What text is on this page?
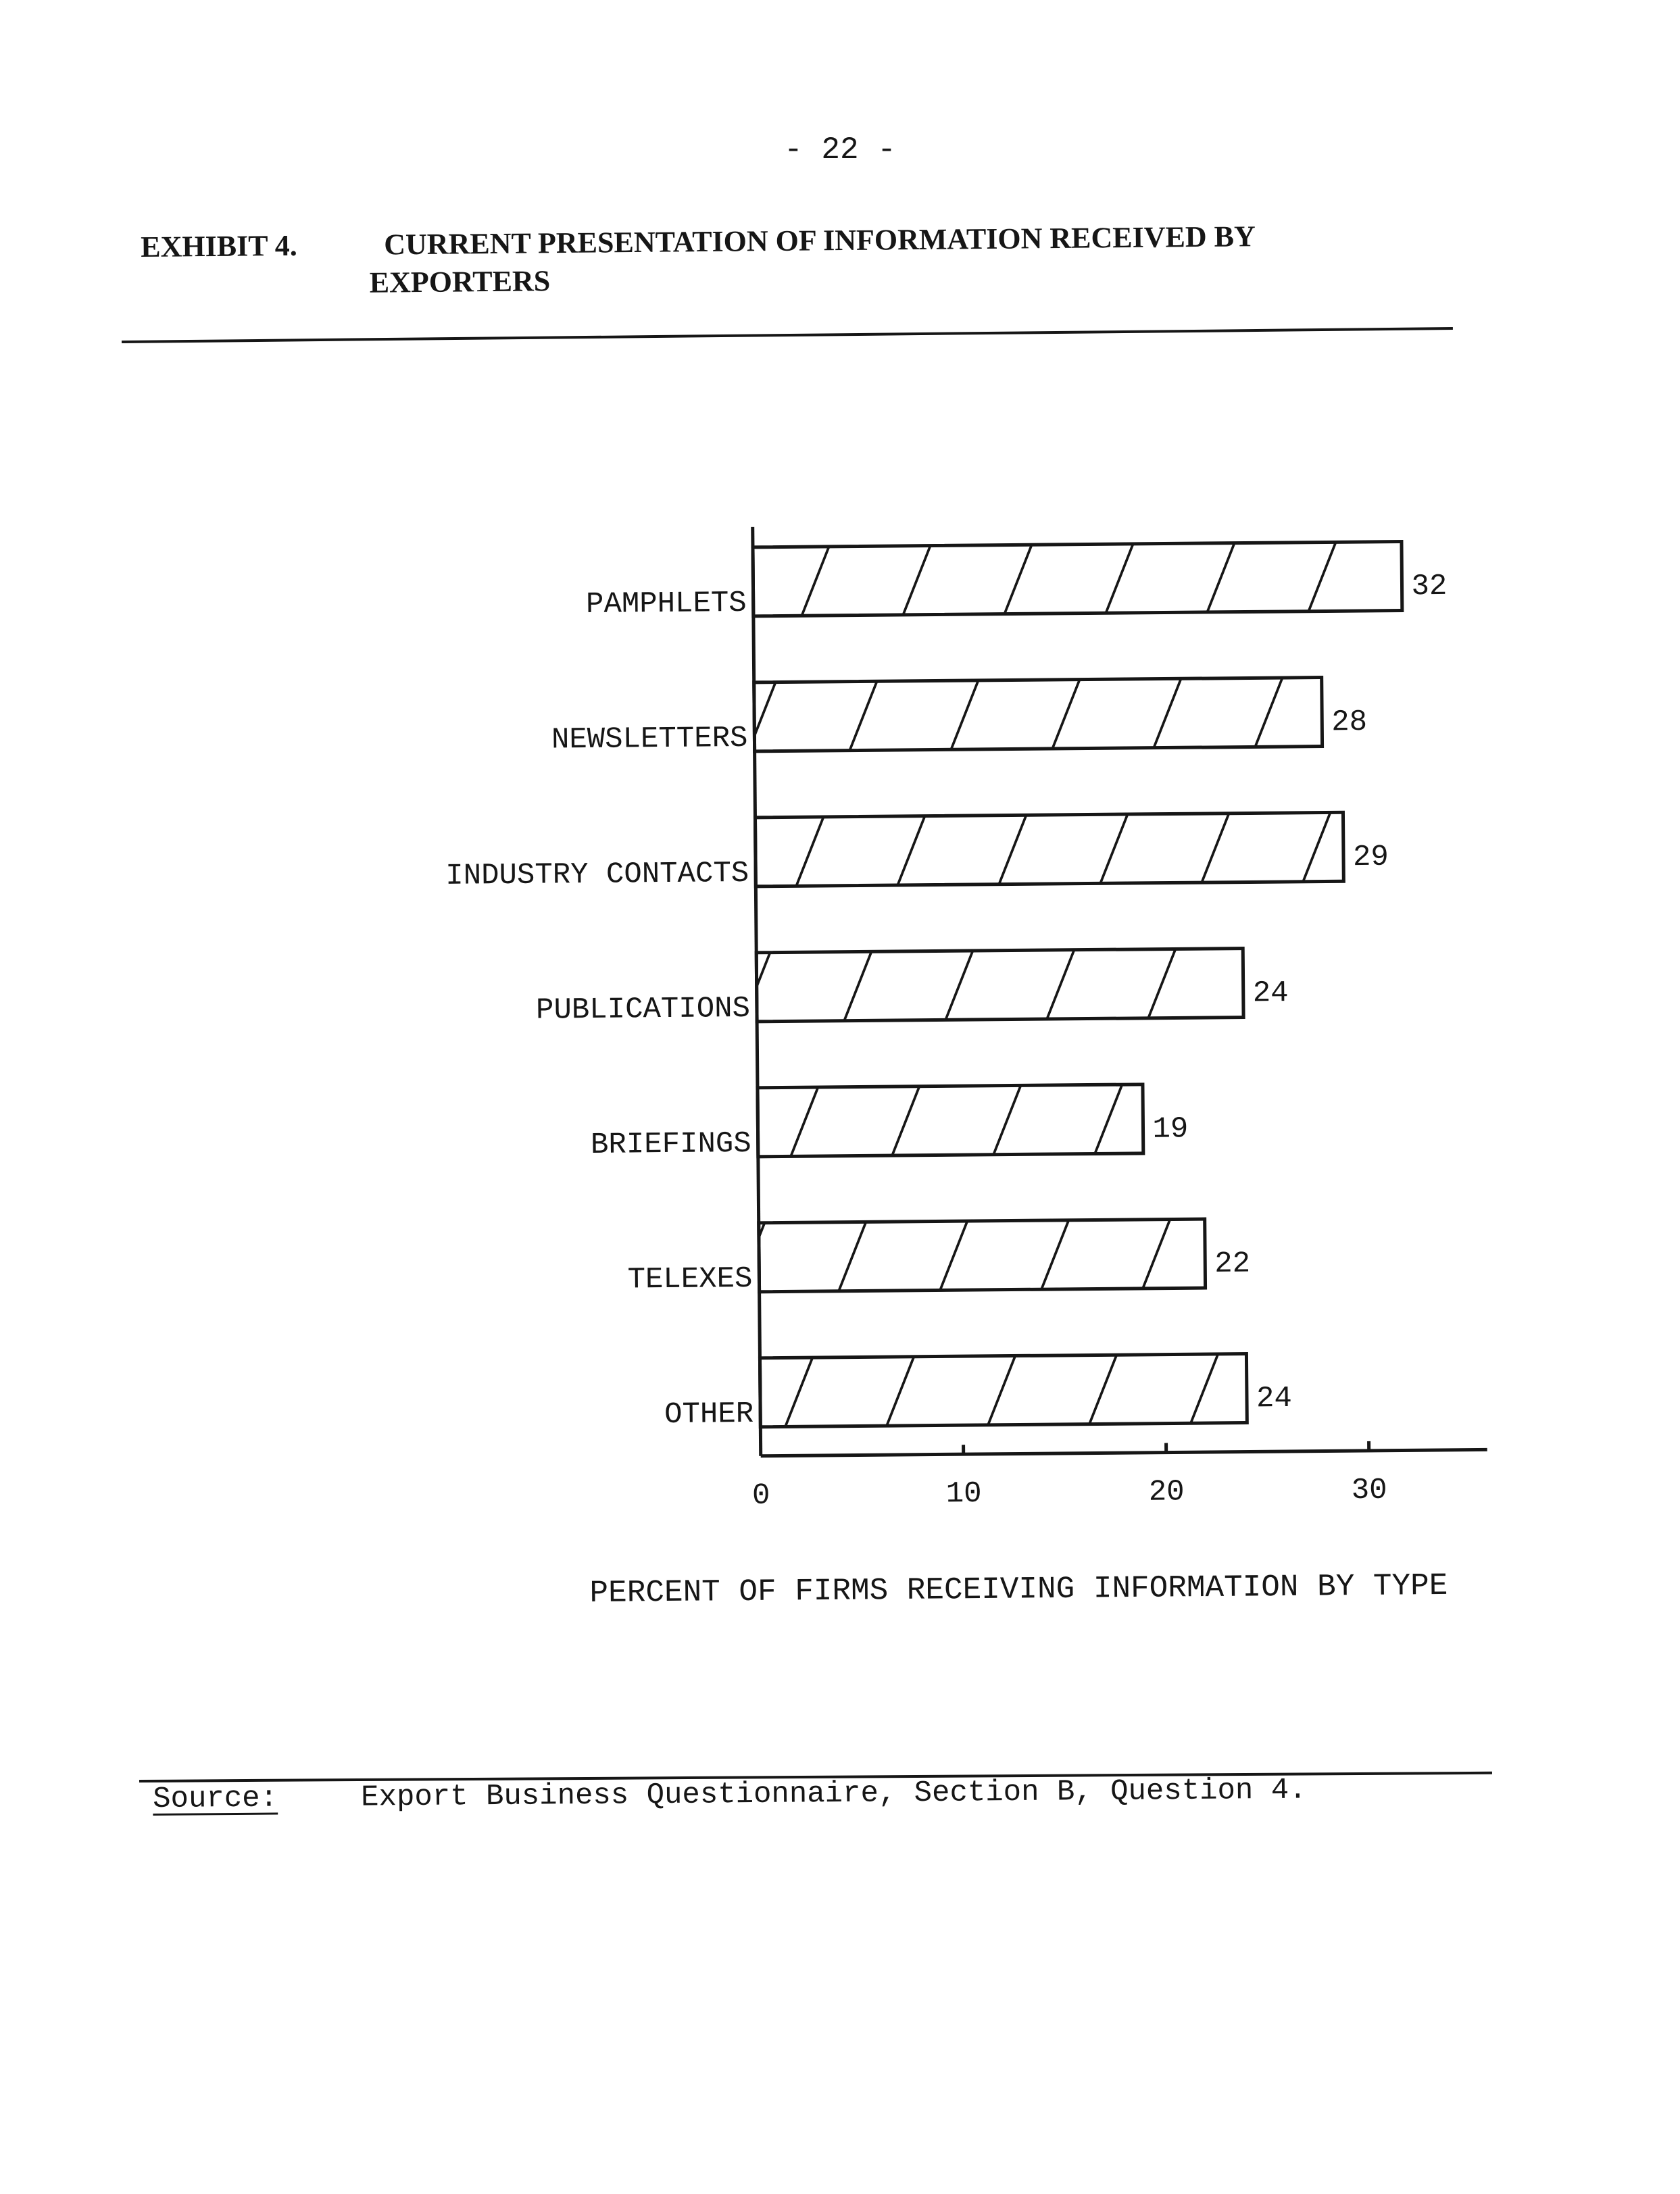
- 22 -
EXHIBIT 4.	CURRENT PRESENTATION OF INFORMATION RECEIVED BY
EXPORTERS
0	10	20	30
PAMPHLETS	32
NEWSLETTERS	28
INDUSTRY CONTACTS	29
PUBLICATIONS	24
BRIEFINGS	19
TELEXES	22
OTHER	24
PERCENT OF FIRMS RECEIVING INFORMATION BY TYPE
Source:	Export Business Questionnaire, Section B, Question 4.
